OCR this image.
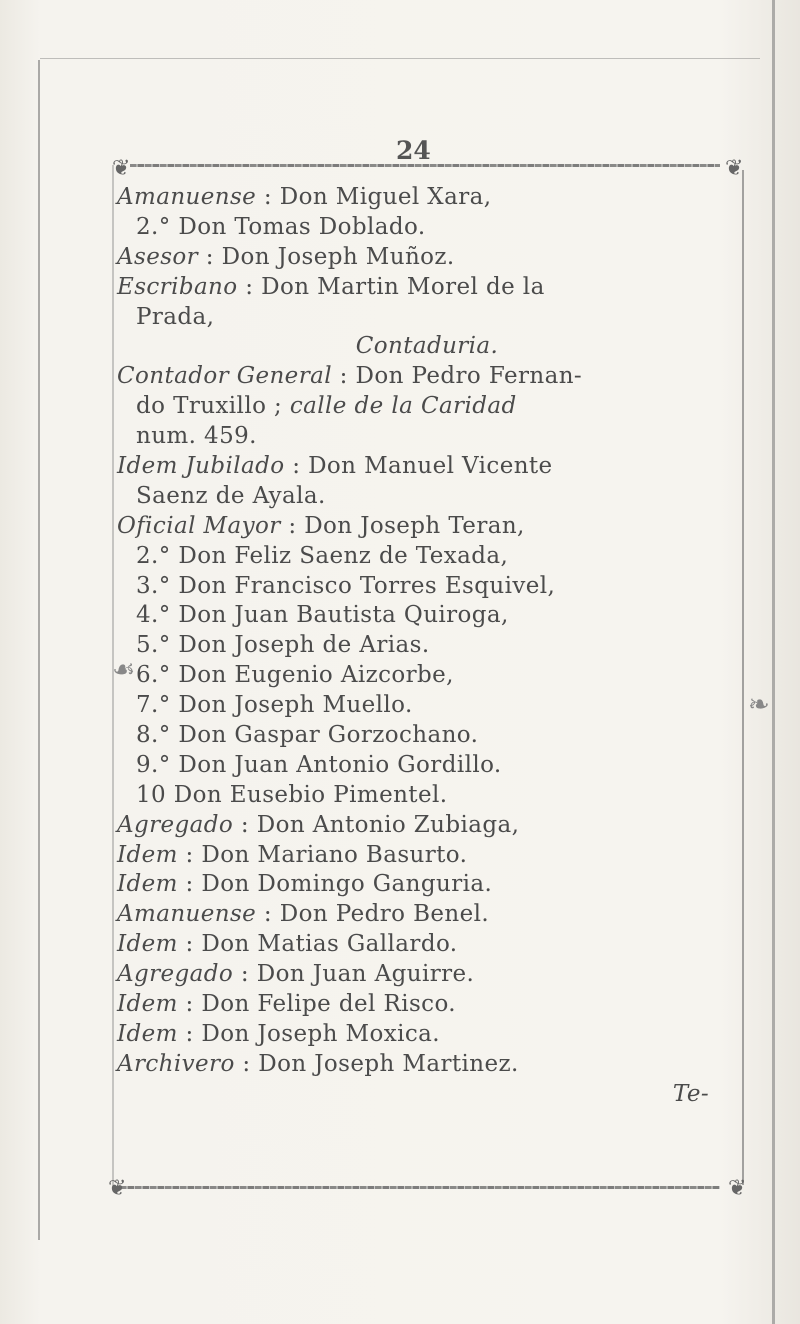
❦	❦
❦	❦
☙
❧
24
Amanuense : Don Miguel Xara,
2.° Don Tomas Doblado.
Asesor : Don Joseph Muñoz.
Escribano : Don Martin Morel de la
Prada,
Contaduria.
Contador General : Don Pedro Fernan-
do Truxillo ; calle de la Caridad
num. 459.
Idem Jubilado : Don Manuel Vicente
Saenz de Ayala.
Oficial Mayor : Don Joseph Teran,
2.° Don Feliz Saenz de Texada,
3.° Don Francisco Torres Esquivel,
4.° Don Juan Bautista Quiroga,
5.° Don Joseph de Arias.
6.° Don Eugenio Aizcorbe,
7.° Don Joseph Muello.
8.° Don Gaspar Gorzochano.
9.° Don Juan Antonio Gordillo.
10 Don Eusebio Pimentel.
Agregado : Don Antonio Zubiaga,
Idem : Don Mariano Basurto.
Idem : Don Domingo Ganguria.
Amanuense : Don Pedro Benel.
Idem : Don Matias Gallardo.
Agregado : Don Juan Aguirre.
Idem : Don Felipe del Risco.
Idem : Don Joseph Moxica.
Archivero : Don Joseph Martinez.
Te-
